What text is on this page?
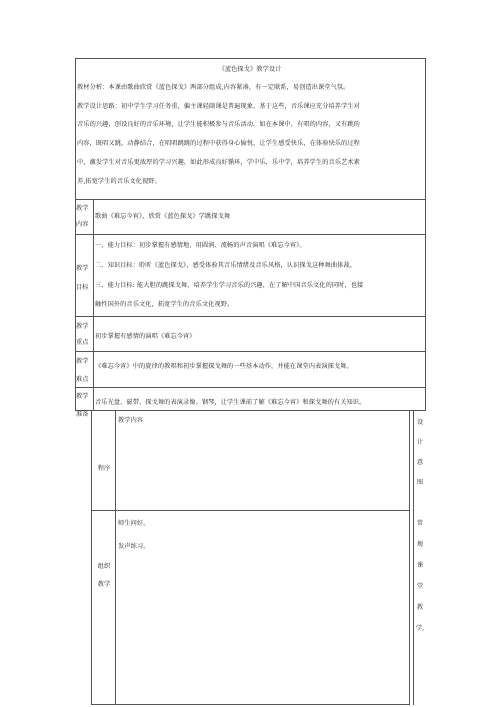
《蓝色探戈》教学设计
教材分析：本课由歌曲欣赏《蓝色探戈》两部分组成,内容紧凑，有一定联系，易创造出课堂气氛。
教学设计思路：初中学生学习任务重，偏主课轻副课是普遍现象。基于这些，音乐课应充分培养学生对
音乐的兴趣，创设良好的音乐环境，让学生能积极参与音乐活动。如在本课中，有唱的内容，又有跳的
内容，既唱又跳，动静结合，在唱唱跳跳的过程中获得身心愉悦，让学生感受快乐，在体验快乐的过程
中，激发学生对音乐更浓厚的学习兴趣，如此形成良好循环，学中乐，乐中学，培养学生的音乐艺术素
养,拓宽学生的音乐文化视野。
教学
内容
歌曲《难忘今宵》，欣赏《蓝色探戈》学跳探戈舞
教学
目标
一、能力目标：初步掌握有感情地、用圆润、流畅的声音演唱《难忘今宵》。
二、知识目标：聆听《蓝色探戈》，感受体验其音乐情绪及音乐风格，认识探戈这种舞曲体裁。
三、能力目标: 能大胆的跳探戈舞，培养学生学习音乐的兴趣，在了解中国音乐文化的同时，也接
触性国外的音乐文化，拓宽学生的音乐文化视野。
教学
重点
初步掌握有感情的演唱《难忘今宵》
教学
难点
《难忘今宵》中的旋律的教唱和初步掌握探戈舞的一些基本动作，并能在课堂内表演探戈舞。
教学
准备
音乐光盘、磁带、探戈舞的表演录像。钢琴，让学生课前了解《难忘今宵》和探戈舞的有关知识。
程序
教学内容	设
计
意
图
组织
教学
师生问好。
发声练习。
常
规
课
堂
教
学,
